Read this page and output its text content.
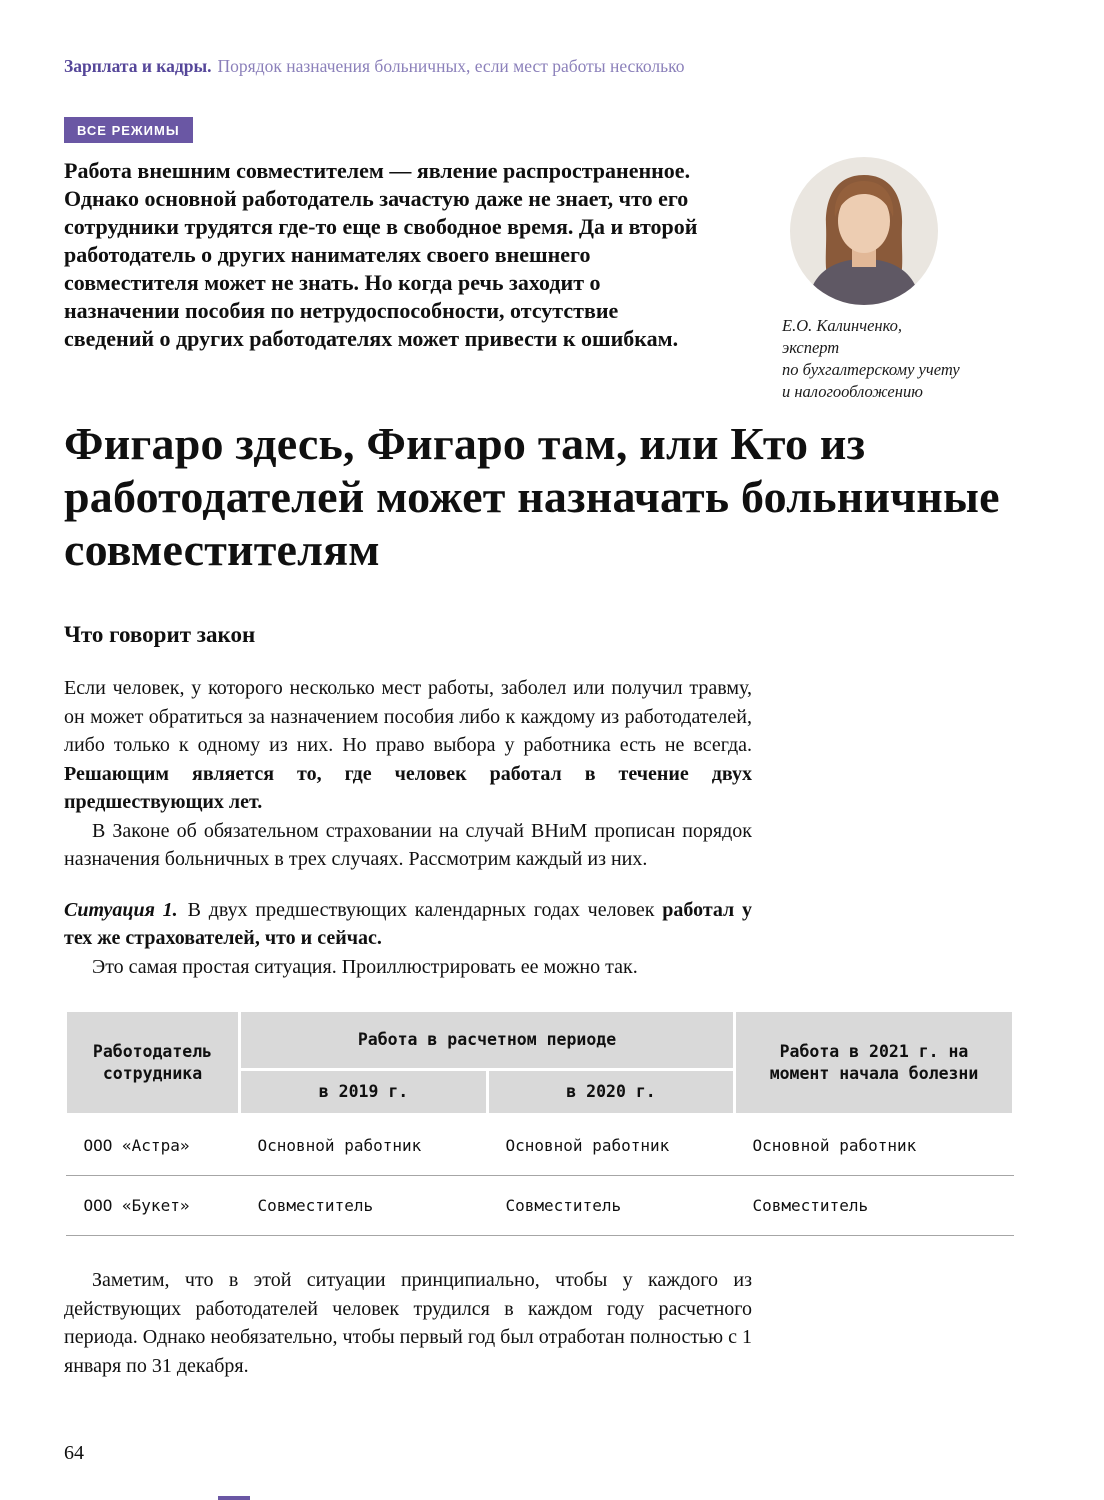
Зарплата и кадры. Порядок назначения больничных, если мест работы несколько
ВСЕ РЕЖИМЫ

Работа внешним совместителем — явление распространенное. Однако основной работодатель зачастую даже не знает, что его сотрудники трудятся где-то еще в свободное время. Да и второй работодатель о других нанимателях своего внешнего совместителя может не знать. Но когда речь заходит о назначении пособия по нетрудоспособности, отсутствие сведений о других работодателях может привести к ошибкам.

Е.О. Калинченко,
эксперт
по бухгалтерскому учету
и налогообложению
Фигаро здесь, Фигаро там, или Кто из работодателей может назначать больничные совместителям
Что говорит закон

Если человек, у которого несколько мест работы, заболел или получил травму, он может обратиться за назначением пособия либо к каждому из работодателей, либо только к одному из них. Но право выбора у работника есть не всегда. Решающим является то, где человек работал в течение двух предшествующих лет.

В Законе об обязательном страховании на случай ВНиМ прописан порядок назначения больничных в трех случаях. Рассмотрим каждый из них.

Ситуация 1. В двух предшествующих календарных годах человек работал у тех же страхователей, что и сейчас.

Это самая простая ситуация. Проиллюстрировать ее можно так.

Работодатель сотрудника	Работа в расчетном периоде		Работа в 2021 г. на момент начала болезни
	в 2019 г.	в 2020 г.	
ООО «Астра»	Основной работник	Основной работник	Основной работник
ООО «Букет»	Совместитель	Совместитель	Совместитель

Заметим, что в этой ситуации принципиально, чтобы у каждого из действующих работодателей человек трудился в каждом году расчетного периода. Однако необязательно, чтобы первый год был отработан полностью с 1 января по 31 декабря.

64
